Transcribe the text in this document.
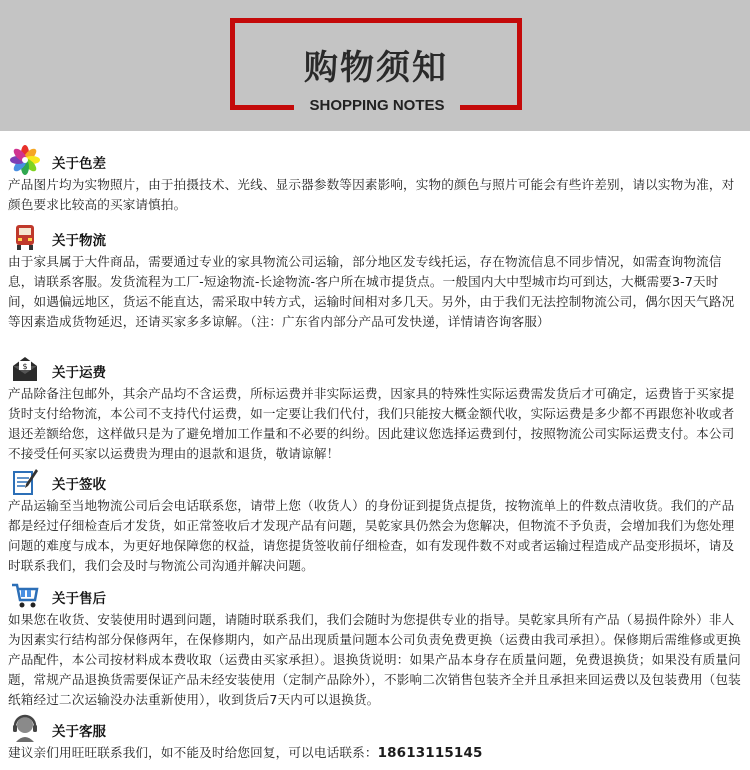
购物须知
SHOPPING NOTES
关于色差

产品图片均为实物照片，由于拍摄技术、光线、显示器参数等因素影响，实物的颜色与照片可能会有些许差别，请以实物为准，对颜色要求比较高的买家请慎拍。

关于物流

由于家具属于大件商品，需要通过专业的家具物流公司运输，部分地区发专线托运，存在物流信息不同步情况，如需查询物流信息，请联系客服。发货流程为工厂-短途物流-长途物流-客户所在城市提货点。一般国内大中型城市均可到达，大概需要3-7天时间，如遇偏远地区，货运不能直达，需采取中转方式，运输时间相对多几天。另外，由于我们无法控制物流公司，偶尔因天气路况等因素造成货物延迟，还请买家多多谅解。（注：广东省内部分产品可发快递，详情请咨询客服）

$ 关于运费

产品除备注包邮外，其余产品均不含运费，所标运费并非实际运费，因家具的特殊性实际运费需发货后才可确定，运费皆于买家提货时支付给物流，本公司不支持代付运费，如一定要让我们代付，我们只能按大概金额代收，实际运费是多少都不再跟您补收或者退还差额给您，这样做只是为了避免增加工作量和不必要的纠纷。因此建议您选择运费到付，按照物流公司实际运费支付。本公司不接受任何买家以运费贵为理由的退款和退货，敬请谅解！

关于签收

产品运输至当地物流公司后会电话联系您，请带上您（收货人）的身份证到提货点提货，按物流单上的件数点清收货。我们的产品都是经过仔细检查后才发货，如正常签收后才发现产品有问题，昊乾家具仍然会为您解决，但物流不予负责，会增加我们为您处理问题的难度与成本，为更好地保障您的权益，请您提货签收前仔细检查，如有发现件数不对或者运输过程造成产品变形损坏，请及时联系我们，我们会及时与物流公司沟通并解决问题。

关于售后

如果您在收货、安装使用时遇到问题，请随时联系我们，我们会随时为您提供专业的指导。昊乾家具所有产品（易损件除外）非人为因素实行结构部分保修两年，在保修期内，如产品出现质量问题本公司负责免费更换（运费由我司承担）。保修期后需维修或更换产品配件，本公司按材料成本费收取（运费由买家承担）。退换货说明：如果产品本身存在质量问题，免费退换货；如果没有质量问题，常规产品退换货需要保证产品未经安装使用（定制产品除外），不影响二次销售包装齐全并且承担来回运费以及包装费用（包装纸箱经过二次运输没办法重新使用），收到货后7天内可以退换货。

关于客服

建议亲们用旺旺联系我们，如不能及时给您回复，可以电话联系：18613115145
